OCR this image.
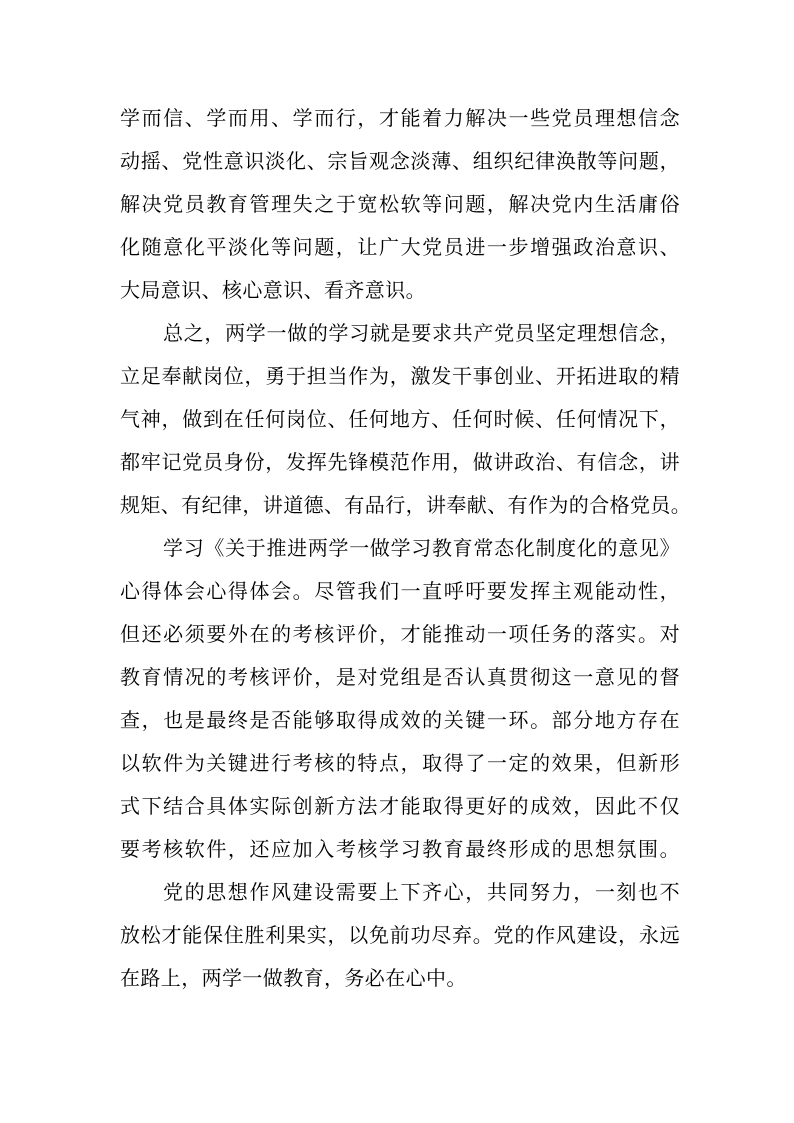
学而信、学而用、学而行，才能着力解决一些党员理想信念
动摇、党性意识淡化、宗旨观念淡薄、组织纪律涣散等问题，
解决党员教育管理失之于宽松软等问题，解决党内生活庸俗
化随意化平淡化等问题，让广大党员进一步增强政治意识、
大局意识、核心意识、看齐意识。
总之，两学一做的学习就是要求共产党员坚定理想信念，
立足奉献岗位，勇于担当作为，激发干事创业、开拓进取的精
气神，做到在任何岗位、任何地方、任何时候、任何情况下，
都牢记党员身份，发挥先锋模范作用，做讲政治、有信念，讲
规矩、有纪律，讲道德、有品行，讲奉献、有作为的合格党员。
学习《关于推进两学一做学习教育常态化制度化的意见》
心得体会心得体会。尽管我们一直呼吁要发挥主观能动性，
但还必须要外在的考核评价，才能推动一项任务的落实。对
教育情况的考核评价，是对党组是否认真贯彻这一意见的督
查，也是最终是否能够取得成效的关键一环。部分地方存在
以软件为关键进行考核的特点，取得了一定的效果，但新形
式下结合具体实际创新方法才能取得更好的成效，因此不仅
要考核软件，还应加入考核学习教育最终形成的思想氛围。
党的思想作风建设需要上下齐心，共同努力，一刻也不
放松才能保住胜利果实，以免前功尽弃。党的作风建设，永远
在路上，两学一做教育，务必在心中。
